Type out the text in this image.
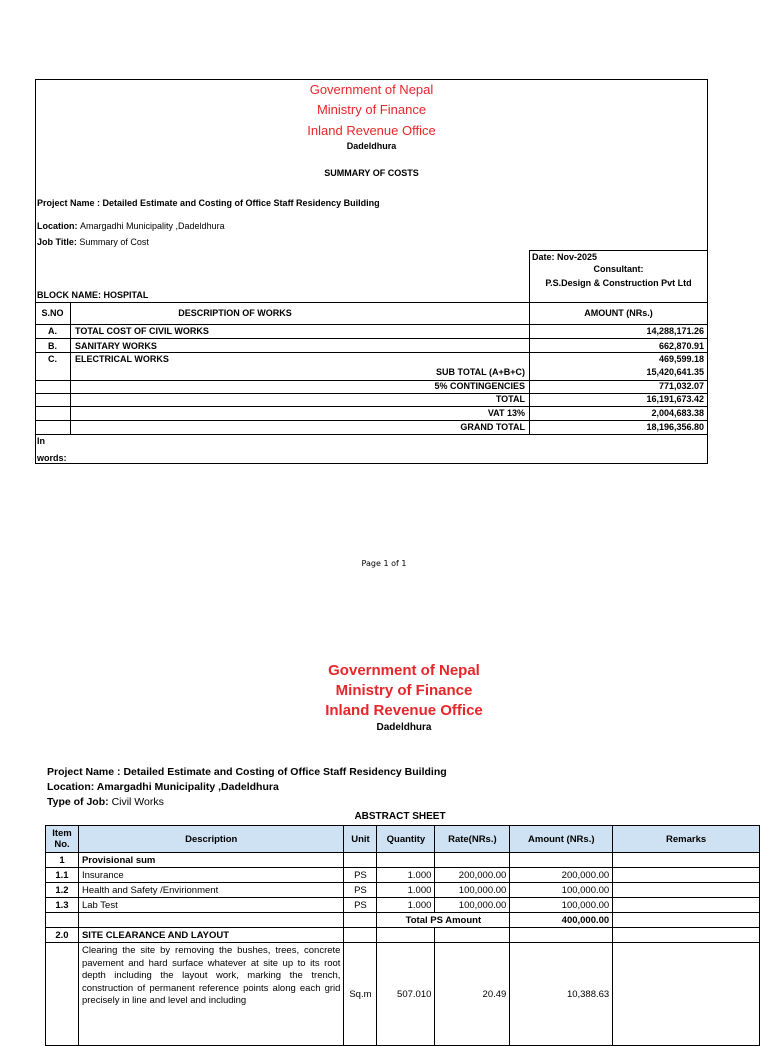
Government of Nepal
Ministry of Finance
Inland Revenue Office
Dadeldhura
SUMMARY OF COSTS
Project Name : Detailed Estimate and Costing of Office Staff Residency Building
Location: Amargadhi Municipality ,Dadeldhura
Job Title: Summary of Cost
Date: Nov-2025
Consultant:
P.S.Design & Construction Pvt Ltd
BLOCK NAME: HOSPITAL
S.NO	DESCRIPTION OF WORKS	AMOUNT (NRs.)
A.	TOTAL COST OF CIVIL WORKS	14,288,171.26
B.	SANITARY WORKS	662,870.91
C.	ELECTRICAL WORKS	469,599.18
SUB TOTAL (A+B+C)	15,420,641.35
5% CONTINGENCIES	771,032.07
TOTAL	16,191,673.42
VAT 13%	2,004,683.38
GRAND TOTAL	18,196,356.80
In
words:
Page 1 of 1
Government of Nepal
Ministry of Finance
Inland Revenue Office
Dadeldhura
Project Name : Detailed Estimate and Costing of Office Staff Residency Building
Location: Amargadhi Municipality ,Dadeldhura
Type of Job: Civil Works
ABSTRACT SHEET
Item No.	Description	Unit	Quantity	Rate(NRs.)	Amount (NRs.)	Remarks
1	Provisional sum					
1.1	Insurance	PS	1.000	200,000.00	200,000.00	
1.2	Health and Safety /Envirionment	PS	1.000	100,000.00	100,000.00	
1.3	Lab Test	PS	1.000	100,000.00	100,000.00	
			Total PS Amount		400,000.00	
2.0	SITE CLEARANCE AND LAYOUT					
	Clearing the site by removing the bushes, trees, concrete pavement and hard surface whatever at site up to its root depth including the layout work, marking the trench, construction of permanent reference points along each grid precisely in line and level and including	Sq.m	507.010	20.49	10,388.63	
